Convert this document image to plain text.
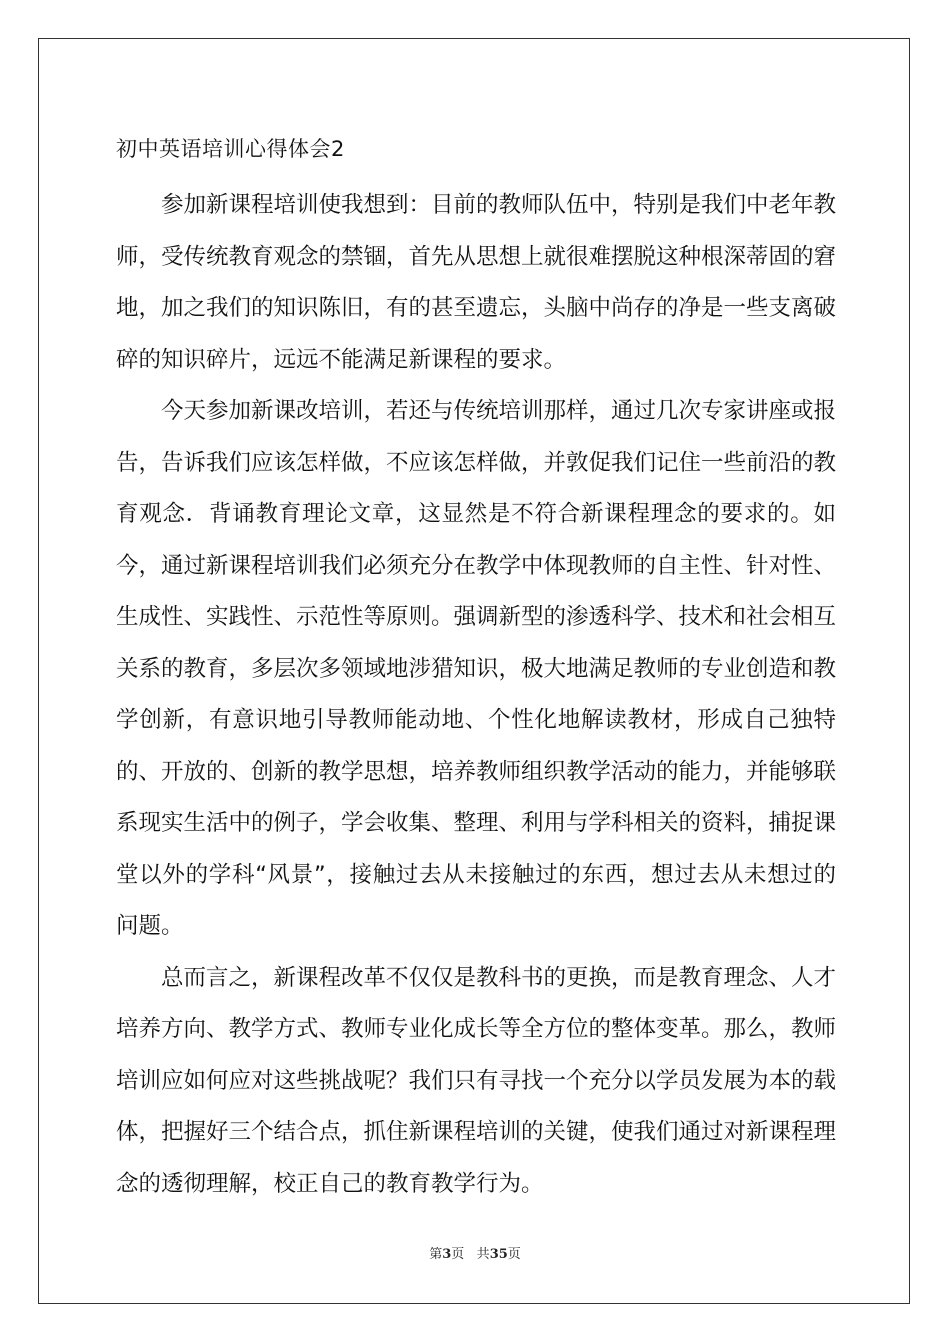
初中英语培训心得体会2

参加新课程培训使我想到：目前的教师队伍中，特别是我们中老年教师，受传统教育观念的禁锢，首先从思想上就很难摆脱这种根深蒂固的窘地，加之我们的知识陈旧，有的甚至遗忘，头脑中尚存的净是一些支离破碎的知识碎片，远远不能满足新课程的要求。

今天参加新课改培训，若还与传统培训那样，通过几次专家讲座或报告，告诉我们应该怎样做，不应该怎样做，并敦促我们记住一些前沿的教育观念．背诵教育理论文章，这显然是不符合新课程理念的要求的。如今，通过新课程培训我们必须充分在教学中体现教师的自主性、针对性、生成性、实践性、示范性等原则。强调新型的渗透科学、技术和社会相互关系的教育，多层次多领域地涉猎知识，极大地满足教师的专业创造和教学创新，有意识地引导教师能动地、个性化地解读教材，形成自己独特的、开放的、创新的教学思想，培养教师组织教学活动的能力，并能够联系现实生活中的例子，学会收集、整理、利用与学科相关的资料，捕捉课堂以外的学科“风景”，接触过去从未接触过的东西，想过去从未想过的问题。

总而言之，新课程改革不仅仅是教科书的更换，而是教育理念、人才培养方向、教学方式、教师专业化成长等全方位的整体变革。那么，教师培训应如何应对这些挑战呢？我们只有寻找一个充分以学员发展为本的载体，把握好三个结合点，抓住新课程培训的关键，使我们通过对新课程理念的透彻理解，校正自己的教育教学行为。

第3页 共35页
